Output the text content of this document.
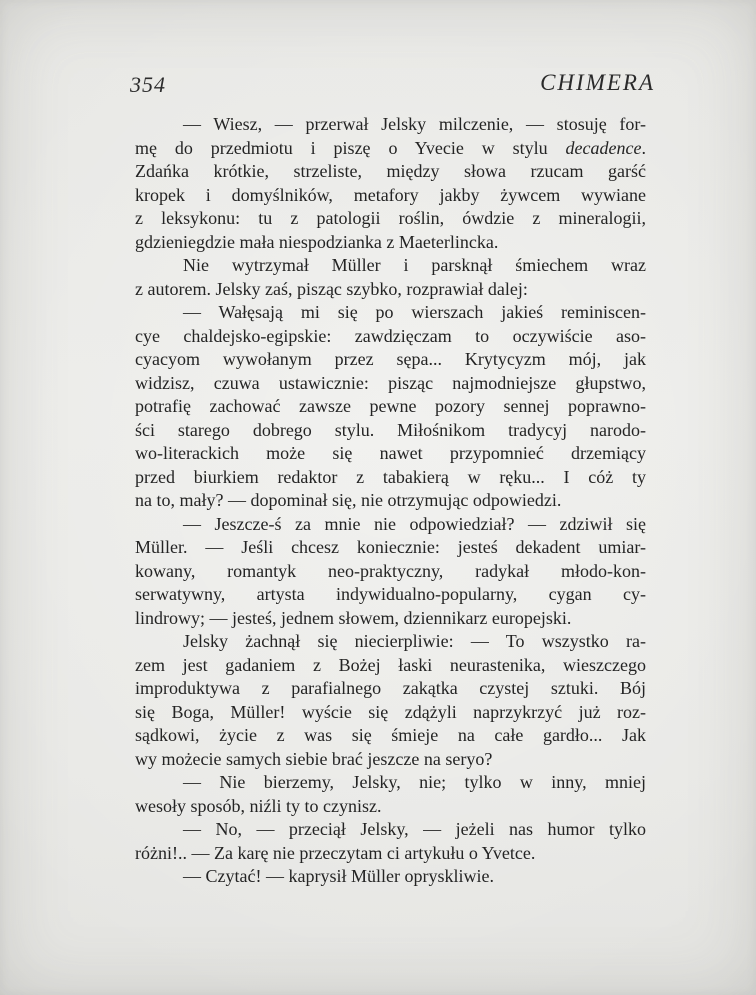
354	CHIMERA
— Wiesz, — przerwał Jelsky milczenie, — stosuję for-
mę do przedmiotu i piszę o Yvecie w stylu decadence.
Zdańka krótkie, strzeliste, między słowa rzucam garść
kropek i domyślników, metafory jakby żywcem wywiane
z leksykonu: tu z patologii roślin, ówdzie z mineralogii,
gdzieniegdzie mała niespodzianka z Maeterlincka.
Nie wytrzymał Müller i parsknął śmiechem wraz
z autorem. Jelsky zaś, pisząc szybko, rozprawiał dalej:
— Wałęsają mi się po wierszach jakieś reminiscen-
cye chaldejsko-egipskie: zawdzięczam to oczywiście aso-
cyacyom wywołanym przez sępa... Krytycyzm mój, jak
widzisz, czuwa ustawicznie: pisząc najmodniejsze głupstwo,
potrafię zachować zawsze pewne pozory sennej poprawno-
ści starego dobrego stylu. Miłośnikom tradycyj narodo-
wo-literackich może się nawet przypomnieć drzemiący
przed biurkiem redaktor z tabakierą w ręku... I cóż ty
na to, mały? — dopominał się, nie otrzymując odpowiedzi.
— Jeszcze-ś za mnie nie odpowiedział? — zdziwił się
Müller. — Jeśli chcesz koniecznie: jesteś dekadent umiar-
kowany, romantyk neo-praktyczny, radykał młodo-kon-
serwatywny, artysta indywidualno-popularny, cygan cy-
lindrowy; — jesteś, jednem słowem, dziennikarz europejski.
Jelsky żachnął się niecierpliwie: — To wszystko ra-
zem jest gadaniem z Bożej łaski neurastenika, wieszczego
improduktywa z parafialnego zakątka czystej sztuki. Bój
się Boga, Müller! wyście się zdążyli naprzykrzyć już roz-
sądkowi, życie z was się śmieje na całe gardło... Jak
wy możecie samych siebie brać jeszcze na seryo?
— Nie bierzemy, Jelsky, nie; tylko w inny, mniej
wesoły sposób, niźli ty to czynisz.
— No, — przeciął Jelsky, — jeżeli nas humor tylko
różni!.. — Za karę nie przeczytam ci artykułu o Yvetce.
— Czytać! — kaprysił Müller opryskliwie.
